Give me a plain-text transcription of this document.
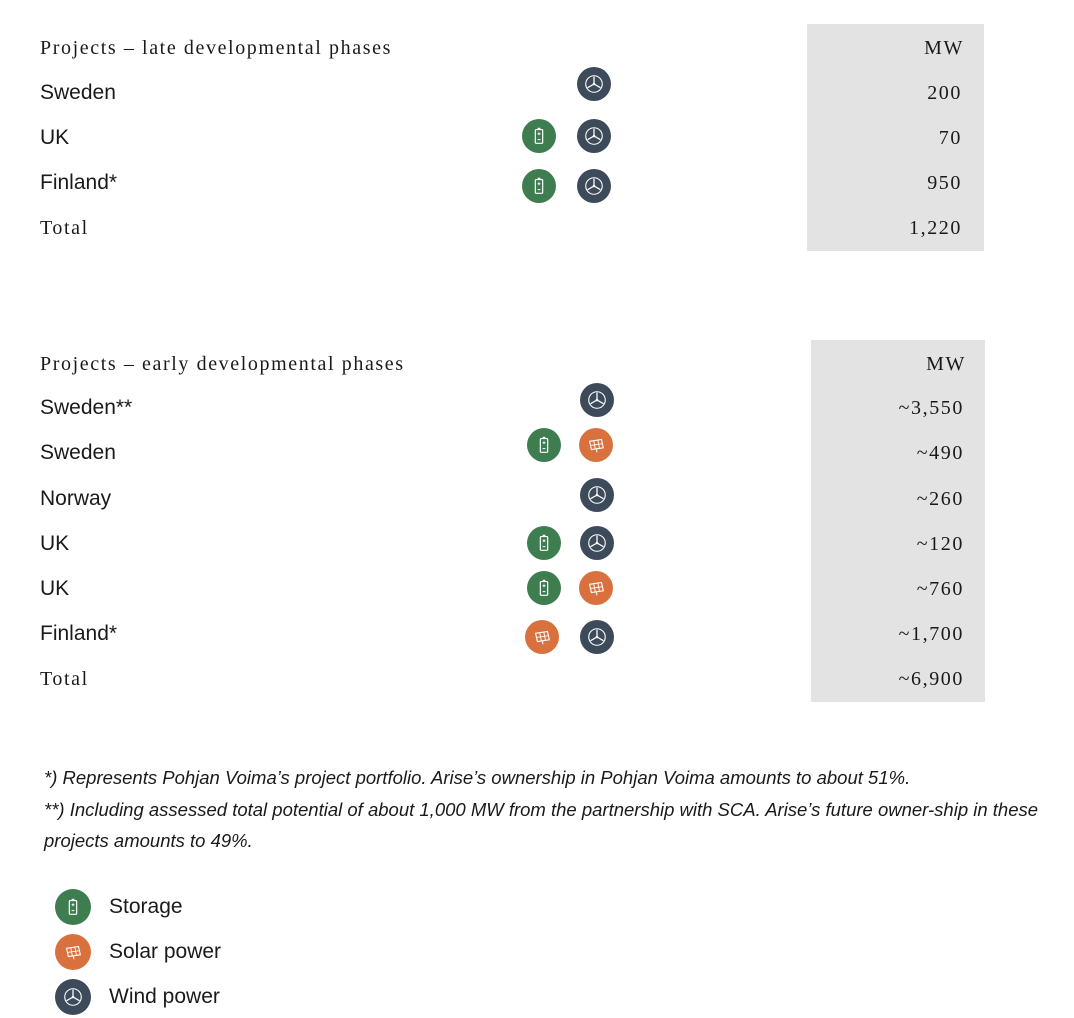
Projects – late developmental phases	MW
Sweden	200
UK	70
Finland*	950
Total	1,220
Projects – early developmental phases	MW
Sweden**	~3,550
Sweden	~490
Norway	~260
UK	~120
UK	~760
Finland*	~1,700
Total	~6,900
*) Represents Pohjan Voima’s project portfolio. Arise’s ownership in Pohjan Voima amounts to about 51%.
**) Including assessed total potential of about 1,000 MW from the partnership with SCA. Arise’s future owner-ship in these projects amounts to 49%.
Storage
Solar power
Wind power
